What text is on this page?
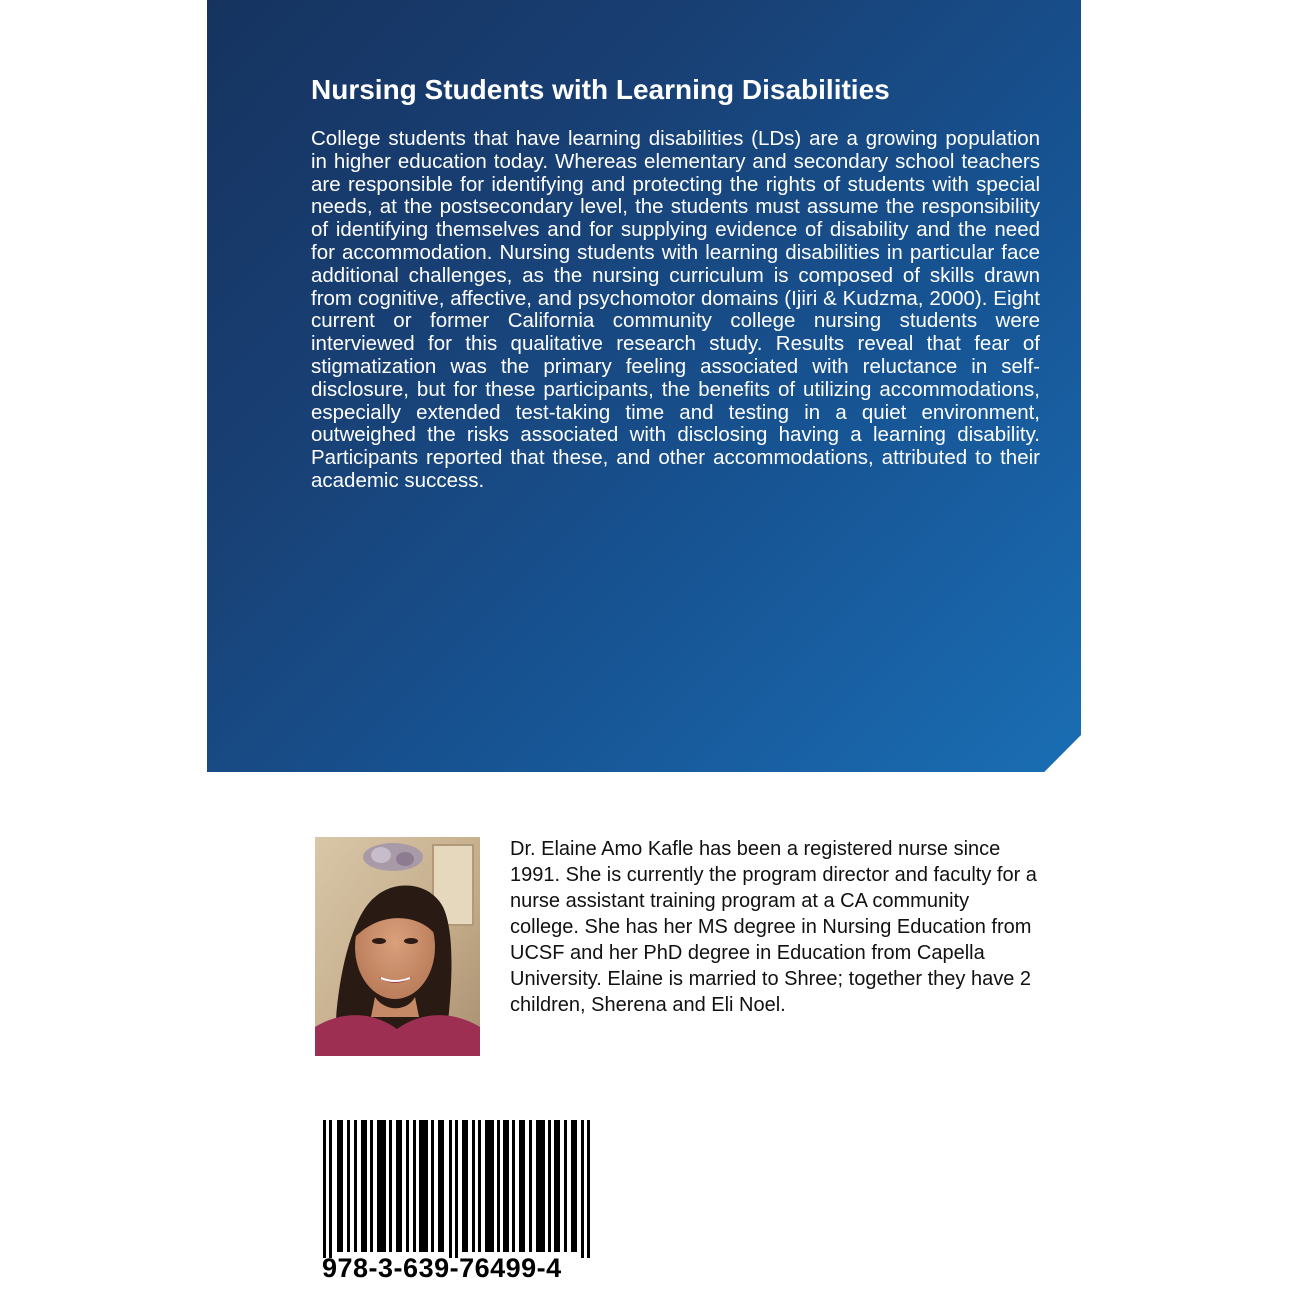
Nursing Students with Learning Disabilities

College students that have learning disabilities (LDs) are a growing population in higher education today. Whereas elementary and secondary school teachers are responsible for identifying and protecting the rights of students with special needs, at the postsecondary level, the students must assume the responsibility of identifying themselves and for supplying evidence of disability and the need for accommodation. Nursing students with learning disabilities in particular face additional challenges, as the nursing curriculum is composed of skills drawn from cognitive, affective, and psychomotor domains (Ijiri & Kudzma, 2000). Eight current or former California community college nursing students were interviewed for this qualitative research study. Results reveal that fear of stigmatization was the primary feeling associated with reluctance in self-disclosure, but for these participants, the benefits of utilizing accommodations, especially extended test-taking time and testing in a quiet environment, outweighed the risks associated with disclosing having a learning disability. Participants reported that these, and other accommodations, attributed to their academic success.

Dr. Elaine Amo Kafle has been a registered nurse since 1991. She is currently the program director and faculty for a nurse assistant training program at a CA community college. She has her MS degree in Nursing Education from UCSF and her PhD degree in Education from Capella University. Elaine is married to Shree; together they have 2 children, Sherena and Eli Noel.

978-3-639-76499-4
